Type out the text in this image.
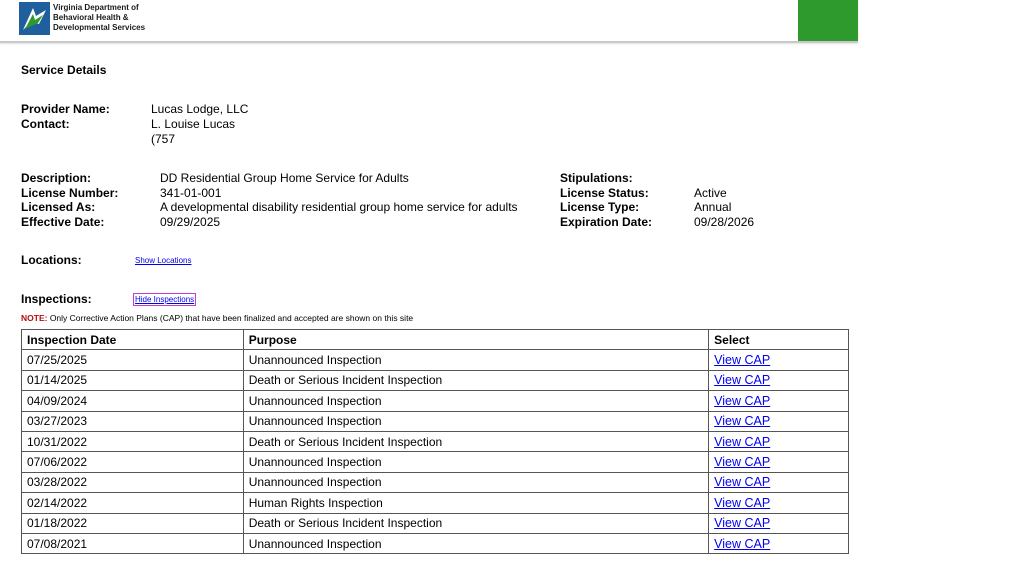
Virginia Department of
Behavioral Health &
Developmental Services
Service Details
Provider Name:	Lucas Lodge, LLC
Contact:	L. Louise Lucas
(757
Description:	DD Residential Group Home Service for Adults
License Number:	341-01-001
Licensed As:	A developmental disability residential group home service for adults
Effective Date:	09/29/2025
Stipulations:
License Status:	Active
License Type:	Annual
Expiration Date:	09/28/2026
Locations:	Show Locations
Inspections:	Hide Inspections
NOTE: Only Corrective Action Plans (CAP) that have been finalized and accepted are shown on this site
Inspection Date	Purpose	Select
07/25/2025	Unannounced Inspection	View CAP
01/14/2025	Death or Serious Incident Inspection	View CAP
04/09/2024	Unannounced Inspection	View CAP
03/27/2023	Unannounced Inspection	View CAP
10/31/2022	Death or Serious Incident Inspection	View CAP
07/06/2022	Unannounced Inspection	View CAP
03/28/2022	Unannounced Inspection	View CAP
02/14/2022	Human Rights Inspection	View CAP
01/18/2022	Death or Serious Incident Inspection	View CAP
07/08/2021	Unannounced Inspection	View CAP
